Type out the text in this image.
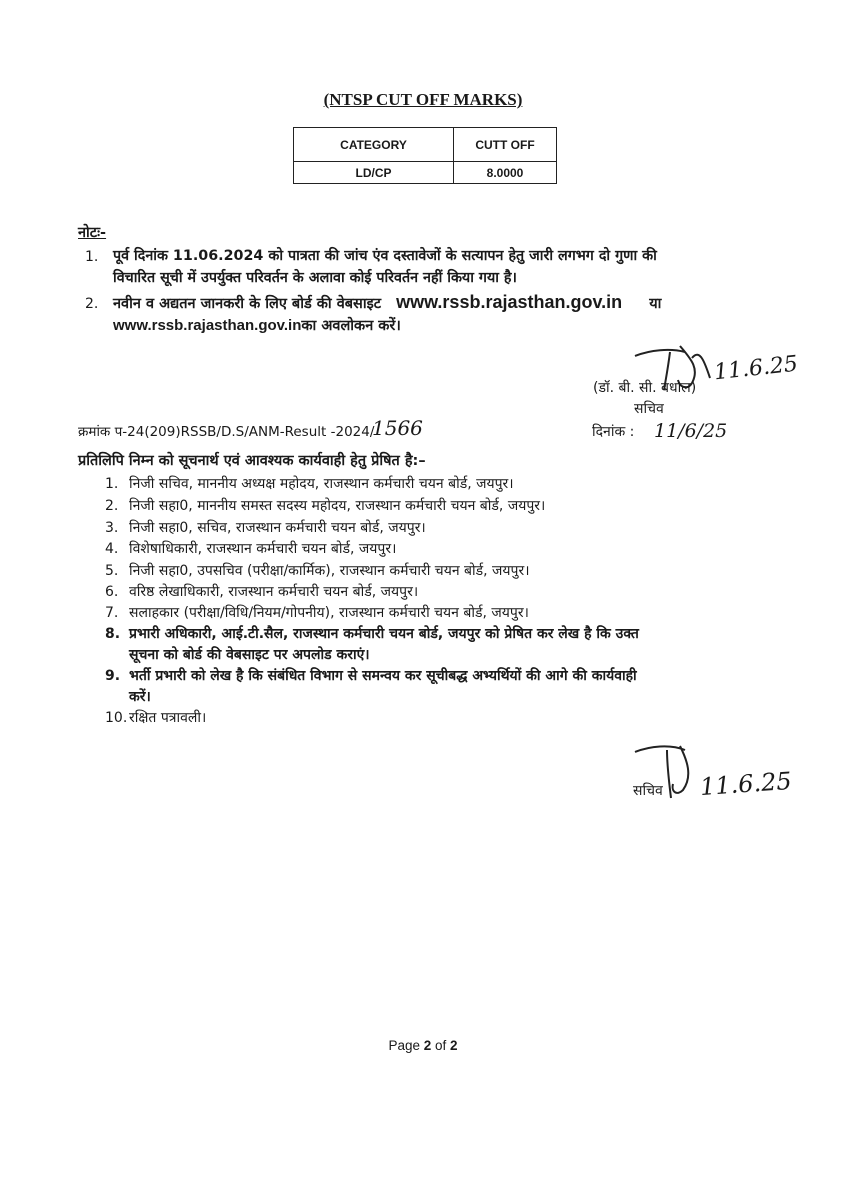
(NTSP CUT OFF MARKS)
CATEGORY	CUTT OFF
LD/CP	8.0000
नोटः-
1. पूर्व दिनांक 11.06.2024 को पात्रता की जांच एंव दस्तावेजों के सत्यापन हेतु जारी लगभग दो गुणा की
विचारित सूची में उपर्युक्त परिवर्तन के अलावा कोई परिवर्तन नहीं किया गया है।
2. नवीन व अद्यतन जानकरी के लिए बोर्ड की वेबसाइट www.rssb.rajasthan.gov.in या
www.rssb.rajasthan.gov.inका अवलोकन करें।
11.6.25
(डॉ. बी. सी. बधाल)
सचिव
क्रमांक प-24(209)RSSB/D.S/ANM-Result -2024/
1566	दिनांक : 11/6/25
प्रतिलिपि निम्न को सूचनार्थ एवं आवश्यक कार्यवाही हेतु प्रेषित है:–
1. निजी सचिव, माननीय अध्यक्ष महोदय, राजस्थान कर्मचारी चयन बोर्ड, जयपुर।
2. निजी सहा0, माननीय समस्त सदस्य महोदय, राजस्थान कर्मचारी चयन बोर्ड, जयपुर।
3. निजी सहा0, सचिव, राजस्थान कर्मचारी चयन बोर्ड, जयपुर।
4. विशेषाधिकारी, राजस्थान कर्मचारी चयन बोर्ड, जयपुर।
5. निजी सहा0, उपसचिव (परीक्षा/कार्मिक), राजस्थान कर्मचारी चयन बोर्ड, जयपुर।
6. वरिष्ठ लेखाधिकारी, राजस्थान कर्मचारी चयन बोर्ड, जयपुर।
7. सलाहकार (परीक्षा/विधि/नियम/गोपनीय), राजस्थान कर्मचारी चयन बोर्ड, जयपुर।
8. प्रभारी अधिकारी, आई.टी.सैल, राजस्थान कर्मचारी चयन बोर्ड, जयपुर को प्रेषित कर लेख है कि उक्त
सूचना को बोर्ड की वेबसाइट पर अपलोड कराएं।
9. भर्ती प्रभारी को लेख है कि संबंधित विभाग से समन्वय कर सूचीबद्ध अभ्यर्थियों की आगे की कार्यवाही
करें।
10. रक्षित पत्रावली।
सचिव 11.6.25
Page 2 of 2
